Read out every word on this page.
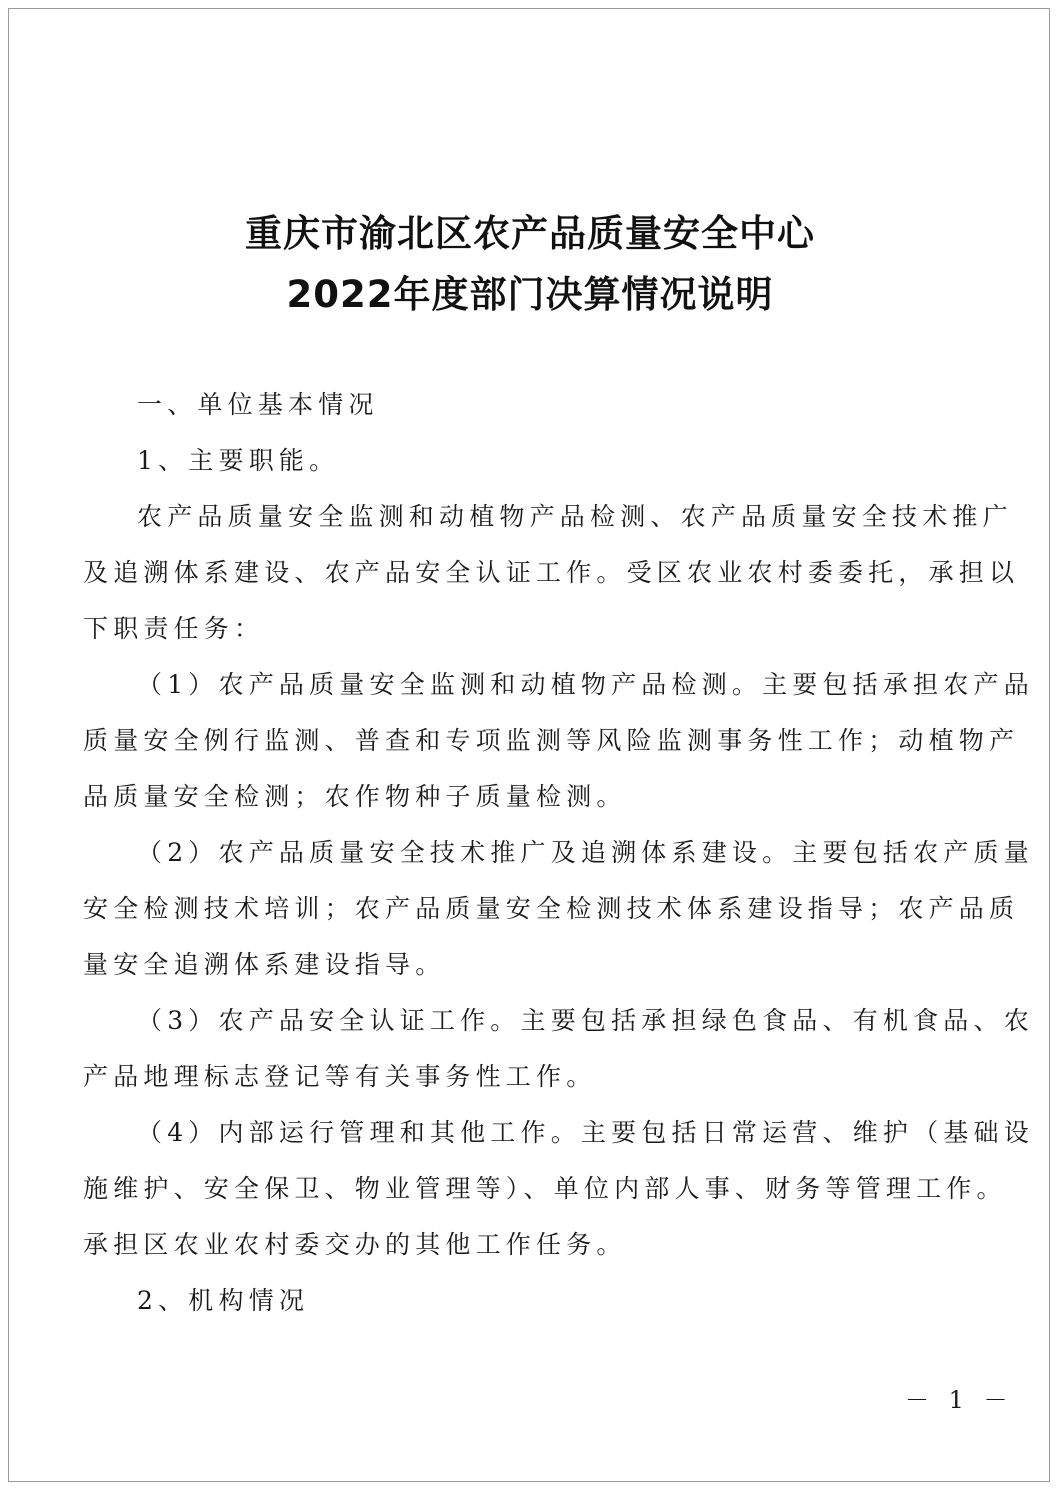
重庆市渝北区农产品质量安全中心
2022年度部门决算情况说明
一、单位基本情况
1、主要职能。
农产品质量安全监测和动植物产品检测、农产品质量安全技术推广
及追溯体系建设、农产品安全认证工作。受区农业农村委委托，承担以
下职责任务：
（1）农产品质量安全监测和动植物产品检测。主要包括承担农产品
质量安全例行监测、普查和专项监测等风险监测事务性工作；动植物产
品质量安全检测；农作物种子质量检测。
（2）农产品质量安全技术推广及追溯体系建设。主要包括农产质量
安全检测技术培训；农产品质量安全检测技术体系建设指导；农产品质
量安全追溯体系建设指导。
（3）农产品安全认证工作。主要包括承担绿色食品、有机食品、农
产品地理标志登记等有关事务性工作。
（4）内部运行管理和其他工作。主要包括日常运营、维护（基础设
施维护、安全保卫、物业管理等）、单位内部人事、财务等管理工作。
承担区农业农村委交办的其他工作任务。
2、机构情况
－ 1 －
